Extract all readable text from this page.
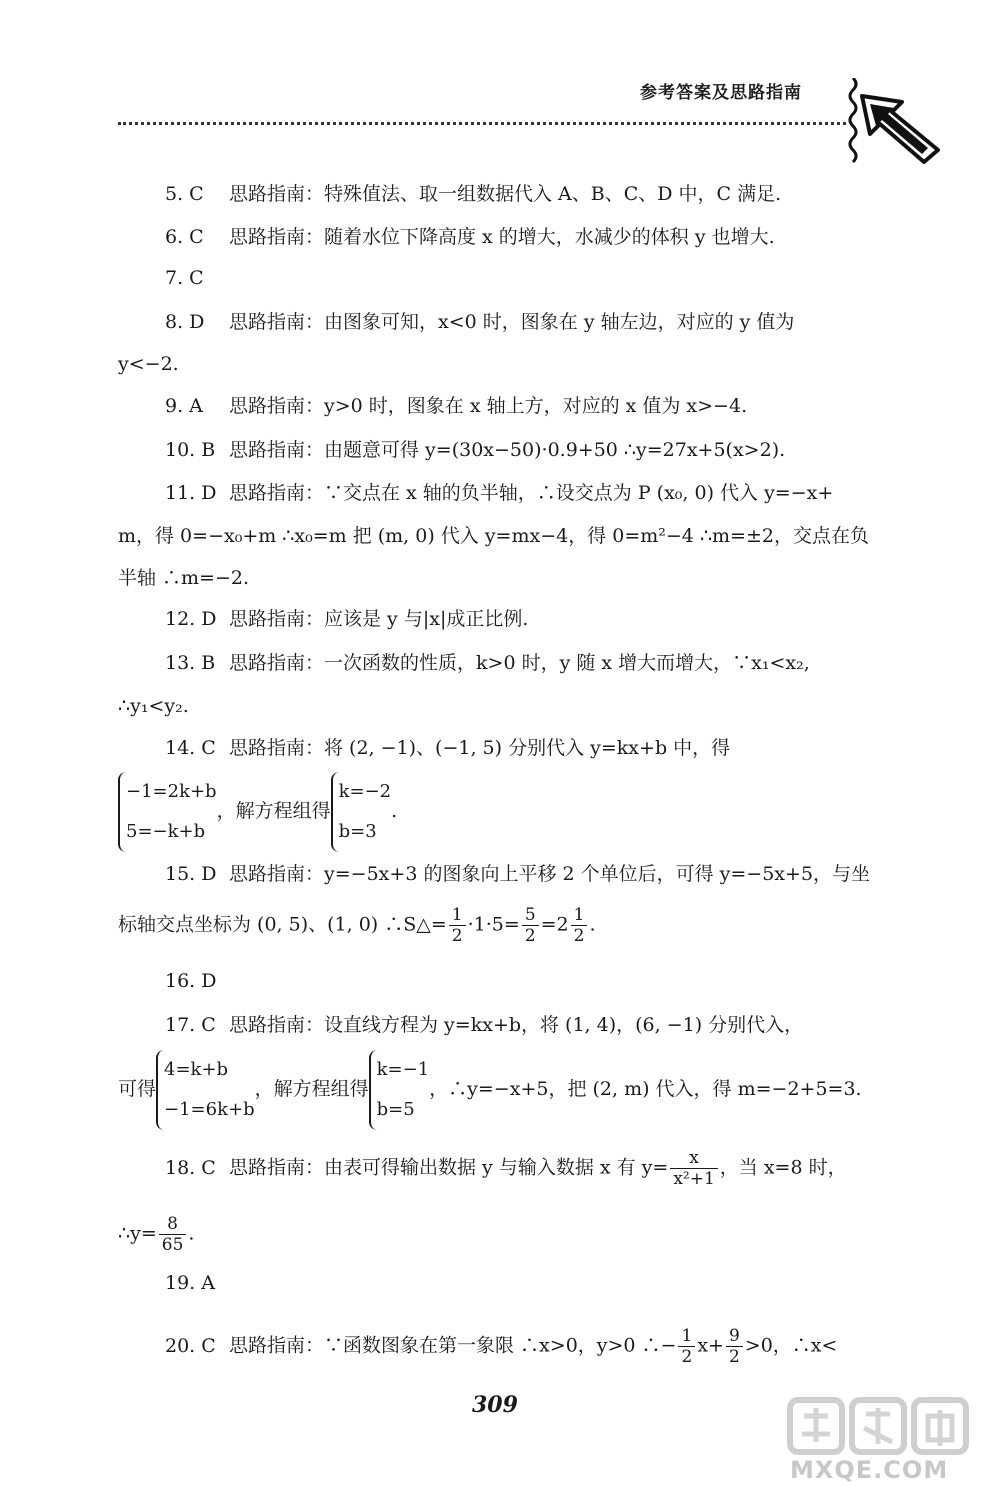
参考答案及思路指南
5. C 思路指南：特殊值法、取一组数据代入 A、B、C、D 中，C 满足.
6. C 思路指南：随着水位下降高度 x 的增大，水减少的体积 y 也增大.
7. C
8. D 思路指南：由图象可知，x<0 时，图象在 y 轴左边，对应的 y 值为
y<−2.
9. A 思路指南：y>0 时，图象在 x 轴上方，对应的 x 值为 x>−4.
10. B 思路指南：由题意可得 y=(30x−50)·0.9+50 ∴y=27x+5(x>2).
11. D 思路指南：∵交点在 x 轴的负半轴，∴设交点为 P (x₀, 0) 代入 y=−x+
m，得 0=−x₀+m ∴x₀=m 把 (m, 0) 代入 y=mx−4，得 0=m²−4 ∴m=±2，交点在负
半轴 ∴m=−2.
12. D 思路指南：应该是 y 与|x|成正比例.
13. B 思路指南：一次函数的性质，k>0 时，y 随 x 增大而增大，∵x₁<x₂,
∴y₁<y₂.
14. C 思路指南：将 (2, −1)、(−1, 5) 分别代入 y=kx+b 中，得
−1=2k+b
5=−k+b
，解方程组得
k=−2
b=3
.
15. D 思路指南：y=−5x+3 的图象向上平移 2 个单位后，可得 y=−5x+5，与坐
标轴交点坐标为 (0, 5)、(1, 0) ∴S△= $\frac{1}{2} \cdot 1\cdot 5= \frac{5}{2} =2 \frac{1}{2}$ .
16. D
17. C 思路指南：设直线方程为 y=kx+b，将 (1, 4)，(6, −1) 分别代入，
可得
4=k+b
−1=6k+b
，解方程组得
k=−1
b=5
，∴y=−x+5，把 (2, m) 代入，得 m=−2+5=3.
18. C 思路指南：由表可得输出数据 y 与输入数据 x 有 $y= \frac{x}{\text{x²+1}}$ ，当 x=8 时，
∴y= $\frac{8}{65}$ .
19. A
20. C 思路指南：∵函数图象在第一象限 ∴x>0，y>0 ∴− $\frac{1}{2} x+ \frac{9}{2} >0$，∴x<
309
MXQE.COM
